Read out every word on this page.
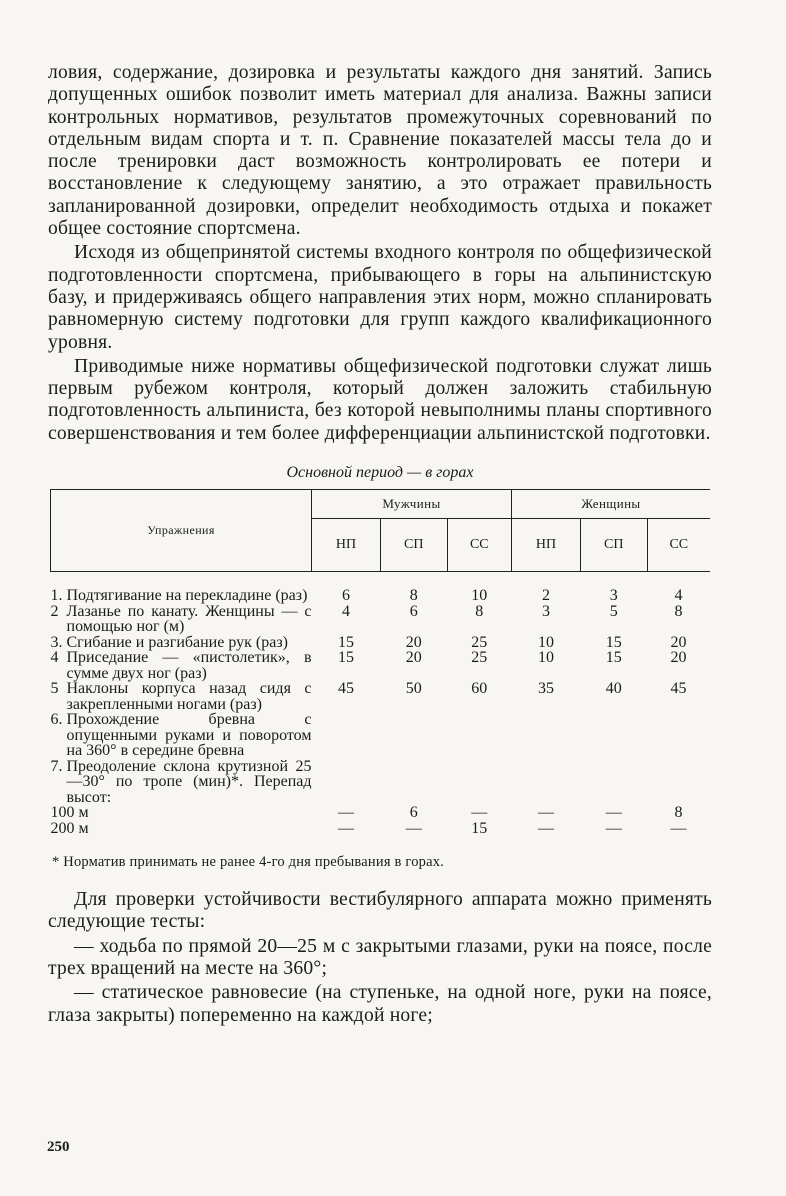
ловия, содержание, дозировка и результаты каждого дня занятий. Запись допущенных ошибок позволит иметь материал для анализа. Важны записи контрольных нормативов, результатов промежуточных соревнований по отдельным видам спорта и т. п. Сравнение показателей массы тела до и после тренировки даст возможность контролировать ее потери и восстановление к следующему занятию, а это отражает правильность запланированной дозировки, определит необходимость отдыха и покажет общее состояние спортсмена.

Исходя из общепринятой системы входного контроля по общефизической подготовленности спортсмена, прибывающего в горы на альпинистскую базу, и придерживаясь общего направления этих норм, можно спланировать равномерную систему подготовки для групп каждого квалификационного уровня.

Приводимые ниже нормативы общефизической подготовки служат лишь первым рубежом контроля, который должен заложить стабильную подготовленность альпиниста, без которой невыполнимы планы спортивного совершенствования и тем более дифференциации альпинистской подготовки.

Основной период — в горах
Упражнения	Мужчины			Женщины		
	НП	СП	СС	НП	СП	СС

1. Подтягивание на перекладине (раз)	6	8	10	2	3	4

2 Лазанье по канату. Женщины — с помощью ног (м)	4	6	8	3	5	8

3. Сгибание и разгибание рук (раз)	15	20	25	10	15	20

4 Приседание — «пистолетик», в сумме двух ног (раз)	15	20	25	10	15	20

5 Наклоны корпуса назад сидя с закрепленными ногами (раз)	45	50	60	35	40	45

6. Прохождение бревна с опущенными руками и поворотом на 360° в середине бревна						

7. Преодоление склона крутизной 25—30° по тропе (мин)*. Перепад высот:						

100 м	—	6	—	—	—	8
200 м	—	—	15	—	—	—
* Норматив принимать не ранее 4-го дня пребывания в горах.

Для проверки устойчивости вестибулярного аппарата можно применять следующие тесты:

— ходьба по прямой 20—25 м с закрытыми глазами, руки на поясе, после трех вращений на месте на 360°;

— статическое равновесие (на ступеньке, на одной ноге, руки на поясе, глаза закрыты) попеременно на каждой ноге;

250
